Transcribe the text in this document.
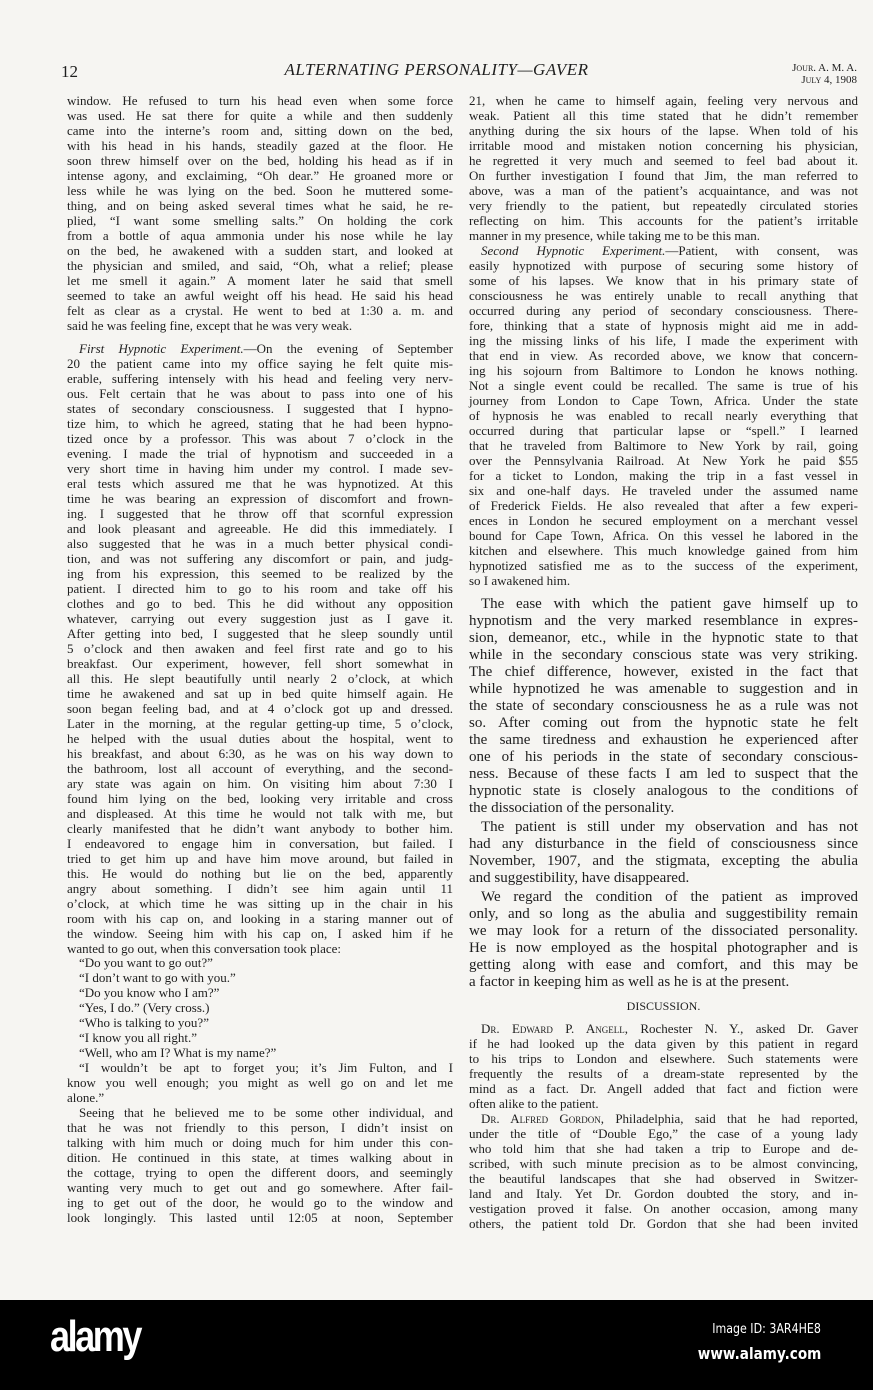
12	ALTERNATING PERSONALITY—GAVER	Jour. A. M. A.
July 4, 1908
window. He refused to turn his head even when some force
was used. He sat there for quite a while and then suddenly
came into the interne’s room and, sitting down on the bed,
with his head in his hands, steadily gazed at the floor. He
soon threw himself over on the bed, holding his head as if in
intense agony, and exclaiming, “Oh dear.” He groaned more or
less while he was lying on the bed. Soon he muttered some-
thing, and on being asked several times what he said, he re-
plied, “I want some smelling salts.” On holding the cork
from a bottle of aqua ammonia under his nose while he lay
on the bed, he awakened with a sudden start, and looked at
the physician and smiled, and said, “Oh, what a relief; please
let me smell it again.” A moment later he said that smell
seemed to take an awful weight off his head. He said his head
felt as clear as a crystal. He went to bed at 1:30 a. m. and
said he was feeling fine, except that he was very weak.
First Hypnotic Experiment.—On the evening of September
20 the patient came into my office saying he felt quite mis-
erable, suffering intensely with his head and feeling very nerv-
ous. Felt certain that he was about to pass into one of his
states of secondary consciousness. I suggested that I hypno-
tize him, to which he agreed, stating that he had been hypno-
tized once by a professor. This was about 7 o’clock in the
evening. I made the trial of hypnotism and succeeded in a
very short time in having him under my control. I made sev-
eral tests which assured me that he was hypnotized. At this
time he was bearing an expression of discomfort and frown-
ing. I suggested that he throw off that scornful expression
and look pleasant and agreeable. He did this immediately. I
also suggested that he was in a much better physical condi-
tion, and was not suffering any discomfort or pain, and judg-
ing from his expression, this seemed to be realized by the
patient. I directed him to go to his room and take off his
clothes and go to bed. This he did without any opposition
whatever, carrying out every suggestion just as I gave it.
After getting into bed, I suggested that he sleep soundly until
5 o’clock and then awaken and feel first rate and go to his
breakfast. Our experiment, however, fell short somewhat in
all this. He slept beautifully until nearly 2 o’clock, at which
time he awakened and sat up in bed quite himself again. He
soon began feeling bad, and at 4 o’clock got up and dressed.
Later in the morning, at the regular getting-up time, 5 o’clock,
he helped with the usual duties about the hospital, went to
his breakfast, and about 6:30, as he was on his way down to
the bathroom, lost all account of everything, and the second-
ary state was again on him. On visiting him about 7:30 I
found him lying on the bed, looking very irritable and cross
and displeased. At this time he would not talk with me, but
clearly manifested that he didn’t want anybody to bother him.
I endeavored to engage him in conversation, but failed. I
tried to get him up and have him move around, but failed in
this. He would do nothing but lie on the bed, apparently
angry about something. I didn’t see him again until 11
o’clock, at which time he was sitting up in the chair in his
room with his cap on, and looking in a staring manner out of
the window. Seeing him with his cap on, I asked him if he
wanted to go out, when this conversation took place:
“Do you want to go out?”
“I don’t want to go with you.”
“Do you know who I am?”
“Yes, I do.” (Very cross.)
“Who is talking to you?”
“I know you all right.”
“Well, who am I? What is my name?”
“I wouldn’t be apt to forget you; it’s Jim Fulton, and I
know you well enough; you might as well go on and let me
alone.”
Seeing that he believed me to be some other individual, and
that he was not friendly to this person, I didn’t insist on
talking with him much or doing much for him under this con-
dition. He continued in this state, at times walking about in
the cottage, trying to open the different doors, and seemingly
wanting very much to get out and go somewhere. After fail-
ing to get out of the door, he would go to the window and
look longingly. This lasted until 12:05 at noon, September
21, when he came to himself again, feeling very nervous and
weak. Patient all this time stated that he didn’t remember
anything during the six hours of the lapse. When told of his
irritable mood and mistaken notion concerning his physician,
he regretted it very much and seemed to feel bad about it.
On further investigation I found that Jim, the man referred to
above, was a man of the patient’s acquaintance, and was not
very friendly to the patient, but repeatedly circulated stories
reflecting on him. This accounts for the patient’s irritable
manner in my presence, while taking me to be this man.
Second Hypnotic Experiment.—Patient, with consent, was
easily hypnotized with purpose of securing some history of
some of his lapses. We know that in his primary state of
consciousness he was entirely unable to recall anything that
occurred during any period of secondary consciousness. There-
fore, thinking that a state of hypnosis might aid me in add-
ing the missing links of his life, I made the experiment with
that end in view. As recorded above, we know that concern-
ing his sojourn from Baltimore to London he knows nothing.
Not a single event could be recalled. The same is true of his
journey from London to Cape Town, Africa. Under the state
of hypnosis he was enabled to recall nearly everything that
occurred during that particular lapse or “spell.” I learned
that he traveled from Baltimore to New York by rail, going
over the Pennsylvania Railroad. At New York he paid $55
for a ticket to London, making the trip in a fast vessel in
six and one-half days. He traveled under the assumed name
of Frederick Fields. He also revealed that after a few experi-
ences in London he secured employment on a merchant vessel
bound for Cape Town, Africa. On this vessel he labored in the
kitchen and elsewhere. This much knowledge gained from him
hypnotized satisfied me as to the success of the experiment,
so I awakened him.
The ease with which the patient gave himself up to
hypnotism and the very marked resemblance in expres-
sion, demeanor, etc., while in the hypnotic state to that
while in the secondary conscious state was very striking.
The chief difference, however, existed in the fact that
while hypnotized he was amenable to suggestion and in
the state of secondary consciousness he as a rule was not
so. After coming out from the hypnotic state he felt
the same tiredness and exhaustion he experienced after
one of his periods in the state of secondary conscious-
ness. Because of these facts I am led to suspect that the
hypnotic state is closely analogous to the conditions of
the dissociation of the personality.
The patient is still under my observation and has not
had any disturbance in the field of consciousness since
November, 1907, and the stigmata, excepting the abulia
and suggestibility, have disappeared.
We regard the condition of the patient as improved
only, and so long as the abulia and suggestibility remain
we may look for a return of the dissociated personality.
He is now employed as the hospital photographer and is
getting along with ease and comfort, and this may be
a factor in keeping him as well as he is at the present.
DISCUSSION.
Dr. Edward P. Angell, Rochester N. Y., asked Dr. Gaver
if he had looked up the data given by this patient in regard
to his trips to London and elsewhere. Such statements were
frequently the results of a dream-state represented by the
mind as a fact. Dr. Angell added that fact and fiction were
often alike to the patient.
Dr. Alfred Gordon, Philadelphia, said that he had reported,
under the title of “Double Ego,” the case of a young lady
who told him that she had taken a trip to Europe and de-
scribed, with such minute precision as to be almost convincing,
the beautiful landscapes that she had observed in Switzer-
land and Italy. Yet Dr. Gordon doubted the story, and in-
vestigation proved it false. On another occasion, among many
others, the patient told Dr. Gordon that she had been invited
alamy	Image ID: 3AR4HE8
www.alamy.com
